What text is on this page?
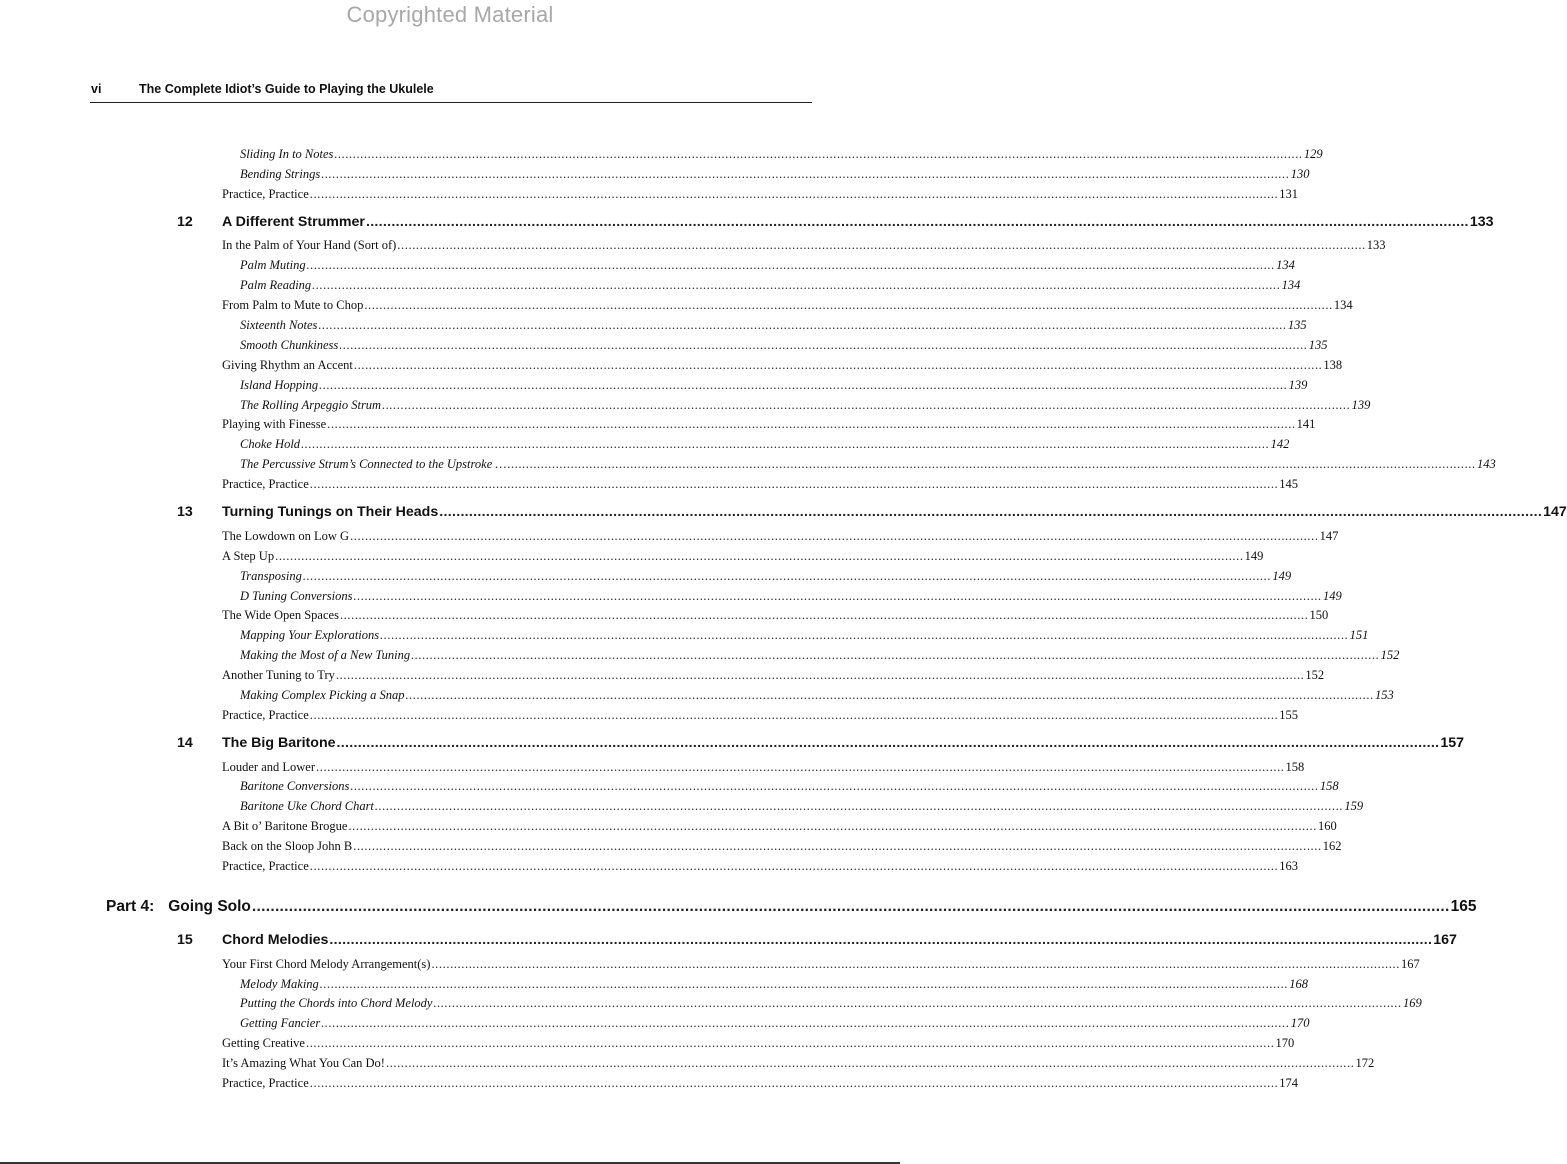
Copyrighted Material
vi	The Complete Idiot’s Guide to Playing the Ukulele
Sliding In to Notes .................................................................................................................................................................................................................................................................... 129
Bending Strings .................................................................................................................................................................................................................................................................... 130
Practice, Practice .................................................................................................................................................................................................................................................................... 131
12 A Different Strummer .................................................................................................................................................................................................................................................................... 133
In the Palm of Your Hand (Sort of) .................................................................................................................................................................................................................................................................... 133
Palm Muting .................................................................................................................................................................................................................................................................... 134
Palm Reading .................................................................................................................................................................................................................................................................... 134
From Palm to Mute to Chop .................................................................................................................................................................................................................................................................... 134
Sixteenth Notes .................................................................................................................................................................................................................................................................... 135
Smooth Chunkiness .................................................................................................................................................................................................................................................................... 135
Giving Rhythm an Accent .................................................................................................................................................................................................................................................................... 138
Island Hopping .................................................................................................................................................................................................................................................................... 139
The Rolling Arpeggio Strum .................................................................................................................................................................................................................................................................... 139
Playing with Finesse .................................................................................................................................................................................................................................................................... 141
Choke Hold .................................................................................................................................................................................................................................................................... 142
The Percussive Strum’s Connected to the Upstroke … .................................................................................................................................................................................................................................................................... 143
Practice, Practice .................................................................................................................................................................................................................................................................... 145
13 Turning Tunings on Their Heads .................................................................................................................................................................................................................................................................... 147
The Lowdown on Low G .................................................................................................................................................................................................................................................................... 147
A Step Up .................................................................................................................................................................................................................................................................... 149
Transposing .................................................................................................................................................................................................................................................................... 149
D Tuning Conversions .................................................................................................................................................................................................................................................................... 149
The Wide Open Spaces .................................................................................................................................................................................................................................................................... 150
Mapping Your Explorations .................................................................................................................................................................................................................................................................... 151
Making the Most of a New Tuning .................................................................................................................................................................................................................................................................... 152
Another Tuning to Try .................................................................................................................................................................................................................................................................... 152
Making Complex Picking a Snap .................................................................................................................................................................................................................................................................... 153
Practice, Practice .................................................................................................................................................................................................................................................................... 155
14 The Big Baritone .................................................................................................................................................................................................................................................................... 157
Louder and Lower .................................................................................................................................................................................................................................................................... 158
Baritone Conversions .................................................................................................................................................................................................................................................................... 158
Baritone Uke Chord Chart .................................................................................................................................................................................................................................................................... 159
A Bit o’ Baritone Brogue .................................................................................................................................................................................................................................................................... 160
Back on the Sloop John B .................................................................................................................................................................................................................................................................... 162
Practice, Practice .................................................................................................................................................................................................................................................................... 163
Part 4: Going Solo .................................................................................................................................................................................................................................................................... 165
15 Chord Melodies .................................................................................................................................................................................................................................................................... 167
Your First Chord Melody Arrangement(s) .................................................................................................................................................................................................................................................................... 167
Melody Making .................................................................................................................................................................................................................................................................... 168
Putting the Chords into Chord Melody .................................................................................................................................................................................................................................................................... 169
Getting Fancier .................................................................................................................................................................................................................................................................... 170
Getting Creative .................................................................................................................................................................................................................................................................... 170
It’s Amazing What You Can Do! .................................................................................................................................................................................................................................................................... 172
Practice, Practice .................................................................................................................................................................................................................................................................... 174
